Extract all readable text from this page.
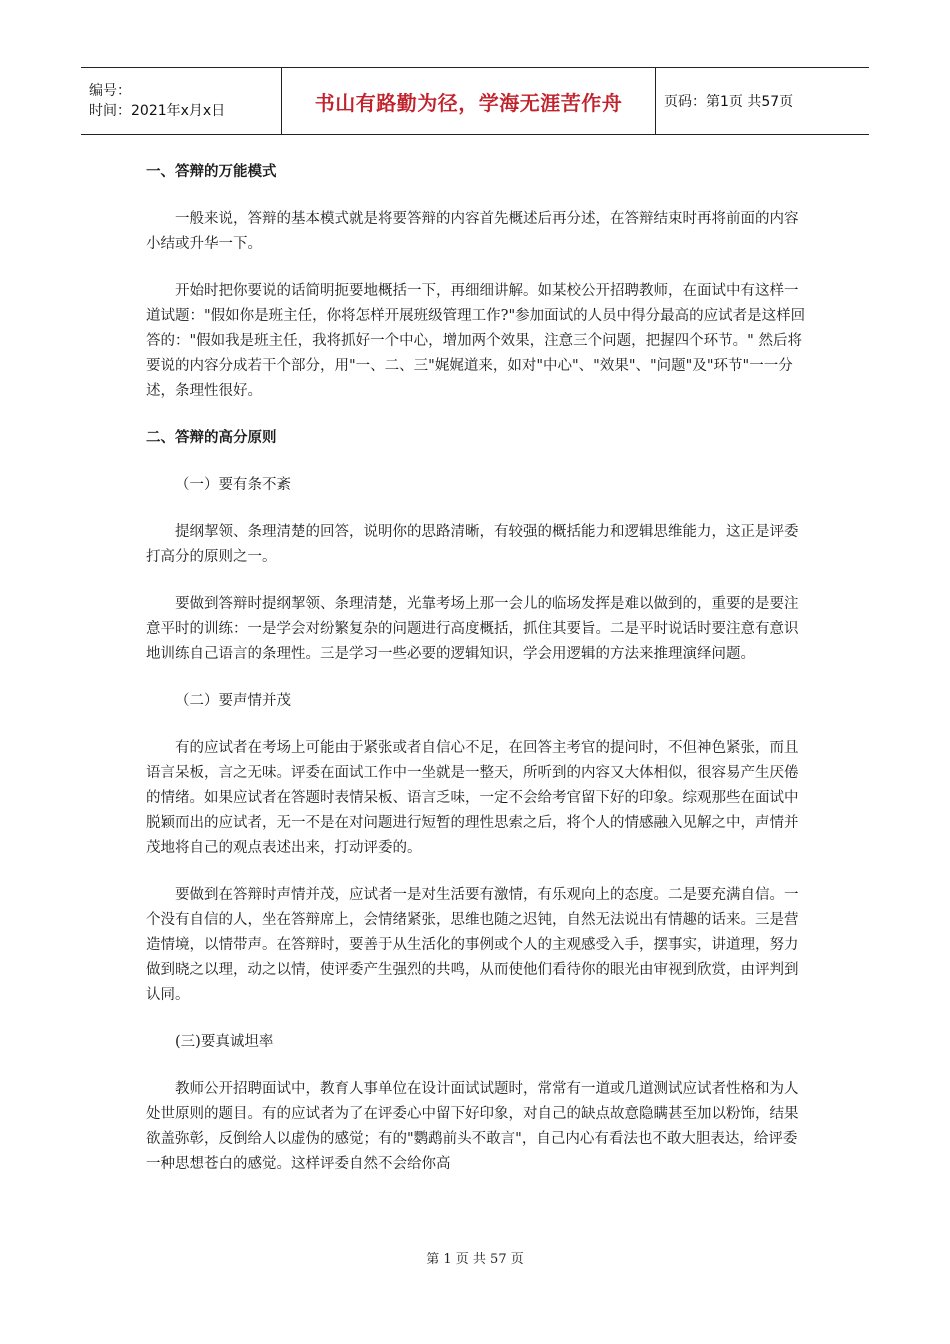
编号：
时间：2021年x月x日	书山有路勤为径，学海无涯苦作舟	页码：第1页 共57页

一、答辩的万能模式

一般来说，答辩的基本模式就是将要答辩的内容首先概述后再分述，在答辩结束时再将前面的内容小结或升华一下。

开始时把你要说的话简明扼要地概括一下，再细细讲解。如某校公开招聘教师，在面试中有这样一道试题："假如你是班主任，你将怎样开展班级管理工作?"参加面试的人员中得分最高的应试者是这样回答的："假如我是班主任，我将抓好一个中心，增加两个效果，注意三个问题，把握四个环节。" 然后将要说的内容分成若干个部分，用"一、二、三"娓娓道来，如对"中心"、"效果"、"问题"及"环节"一一分述，条理性很好。

二、答辩的高分原则

（一）要有条不紊

提纲挈领、条理清楚的回答，说明你的思路清晰，有较强的概括能力和逻辑思维能力，这正是评委打高分的原则之一。

要做到答辩时提纲挈领、条理清楚，光靠考场上那一会儿的临场发挥是难以做到的，重要的是要注意平时的训练：一是学会对纷繁复杂的问题进行高度概括，抓住其要旨。二是平时说话时要注意有意识地训练自己语言的条理性。三是学习一些必要的逻辑知识，学会用逻辑的方法来推理演绎问题。

（二）要声情并茂

有的应试者在考场上可能由于紧张或者自信心不足，在回答主考官的提问时，不但神色紧张，而且语言呆板，言之无味。评委在面试工作中一坐就是一整天，所听到的内容又大体相似，很容易产生厌倦的情绪。如果应试者在答题时表情呆板、语言乏味，一定不会给考官留下好的印象。综观那些在面试中脱颖而出的应试者，无一不是在对问题进行短暂的理性思索之后，将个人的情感融入见解之中，声情并茂地将自己的观点表述出来，打动评委的。

要做到在答辩时声情并茂，应试者一是对生活要有激情，有乐观向上的态度。二是要充满自信。一个没有自信的人，坐在答辩席上，会情绪紧张，思维也随之迟钝，自然无法说出有情趣的话来。三是营造情境，以情带声。在答辩时，要善于从生活化的事例或个人的主观感受入手，摆事实，讲道理，努力做到晓之以理，动之以情，使评委产生强烈的共鸣，从而使他们看待你的眼光由审视到欣赏，由评判到认同。

(三)要真诚坦率

教师公开招聘面试中，教育人事单位在设计面试试题时，常常有一道或几道测试应试者性格和为人处世原则的题目。有的应试者为了在评委心中留下好印象，对自己的缺点故意隐瞒甚至加以粉饰，结果欲盖弥彰，反倒给人以虚伪的感觉；有的"鹦鹉前头不敢言"，自己内心有看法也不敢大胆表达，给评委一种思想苍白的感觉。这样评委自然不会给你高

第 1 页 共 57 页
